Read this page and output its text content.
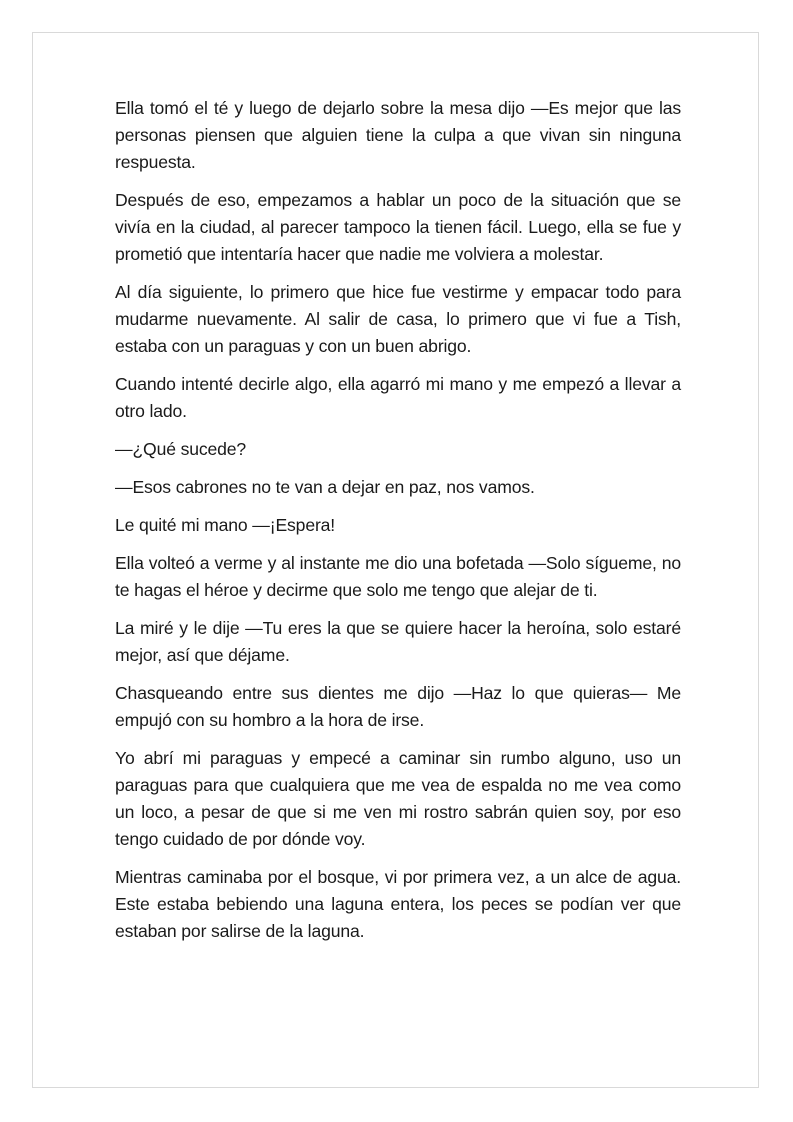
Ella tomó el té y luego de dejarlo sobre la mesa dijo —Es mejor que las personas piensen que alguien tiene la culpa a que vivan sin ninguna respuesta.

Después de eso, empezamos a hablar un poco de la situación que se vivía en la ciudad, al parecer tampoco la tienen fácil. Luego, ella se fue y prometió que intentaría hacer que nadie me volviera a molestar.

Al día siguiente, lo primero que hice fue vestirme y empacar todo para mudarme nuevamente. Al salir de casa, lo primero que vi fue a Tish, estaba con un paraguas y con un buen abrigo.

Cuando intenté decirle algo, ella agarró mi mano y me empezó a llevar a otro lado.

—¿Qué sucede?

—Esos cabrones no te van a dejar en paz, nos vamos.

Le quité mi mano —¡Espera!

Ella volteó a verme y al instante me dio una bofetada —Solo sígueme, no te hagas el héroe y decirme que solo me tengo que alejar de ti.

La miré y le dije —Tu eres la que se quiere hacer la heroína, solo estaré mejor, así que déjame.

Chasqueando entre sus dientes me dijo —Haz lo que quieras— Me empujó con su hombro a la hora de irse.

Yo abrí mi paraguas y empecé a caminar sin rumbo alguno, uso un paraguas para que cualquiera que me vea de espalda no me vea como un loco, a pesar de que si me ven mi rostro sabrán quien soy, por eso tengo cuidado de por dónde voy.

Mientras caminaba por el bosque, vi por primera vez, a un alce de agua. Este estaba bebiendo una laguna entera, los peces se podían ver que estaban por salirse de la laguna.
